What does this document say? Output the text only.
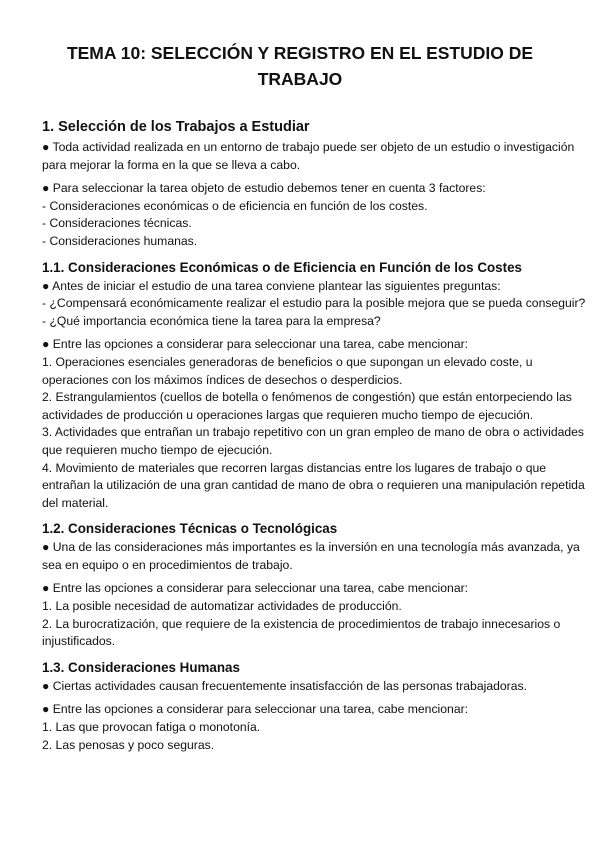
TEMA 10: SELECCIÓN Y REGISTRO EN EL ESTUDIO DE TRABAJO
1. Selección de los Trabajos a Estudiar

● Toda actividad realizada en un entorno de trabajo puede ser objeto de un estudio o investigación para mejorar la forma en la que se lleva a cabo.

● Para seleccionar la tarea objeto de estudio debemos tener en cuenta 3 factores:

- Consideraciones económicas o de eficiencia en función de los costes.

- Consideraciones técnicas.

- Consideraciones humanas.

1.1. Consideraciones Económicas o de Eficiencia en Función de los Costes

● Antes de iniciar el estudio de una tarea conviene plantear las siguientes preguntas:

- ¿Compensará económicamente realizar el estudio para la posible mejora que se pueda conseguir?

- ¿Qué importancia económica tiene la tarea para la empresa?

● Entre las opciones a considerar para seleccionar una tarea, cabe mencionar:

1. Operaciones esenciales generadoras de beneficios o que supongan un elevado coste, u operaciones con los máximos índices de desechos o desperdicios.

2. Estrangulamientos (cuellos de botella o fenómenos de congestión) que están entorpeciendo las actividades de producción u operaciones largas que requieren mucho tiempo de ejecución.

3. Actividades que entrañan un trabajo repetitivo con un gran empleo de mano de obra o actividades que requieren mucho tiempo de ejecución.

4. Movimiento de materiales que recorren largas distancias entre los lugares de trabajo o que entrañan la utilización de una gran cantidad de mano de obra o requieren una manipulación repetida del material.

1.2. Consideraciones Técnicas o Tecnológicas

● Una de las consideraciones más importantes es la inversión en una tecnología más avanzada, ya sea en equipo o en procedimientos de trabajo.

● Entre las opciones a considerar para seleccionar una tarea, cabe mencionar:

1. La posible necesidad de automatizar actividades de producción.

2. La burocratización, que requiere de la existencia de procedimientos de trabajo innecesarios o injustificados.

1.3. Consideraciones Humanas

● Ciertas actividades causan frecuentemente insatisfacción de las personas trabajadoras.

● Entre las opciones a considerar para seleccionar una tarea, cabe mencionar:

1. Las que provocan fatiga o monotonía.

2. Las penosas y poco seguras.
